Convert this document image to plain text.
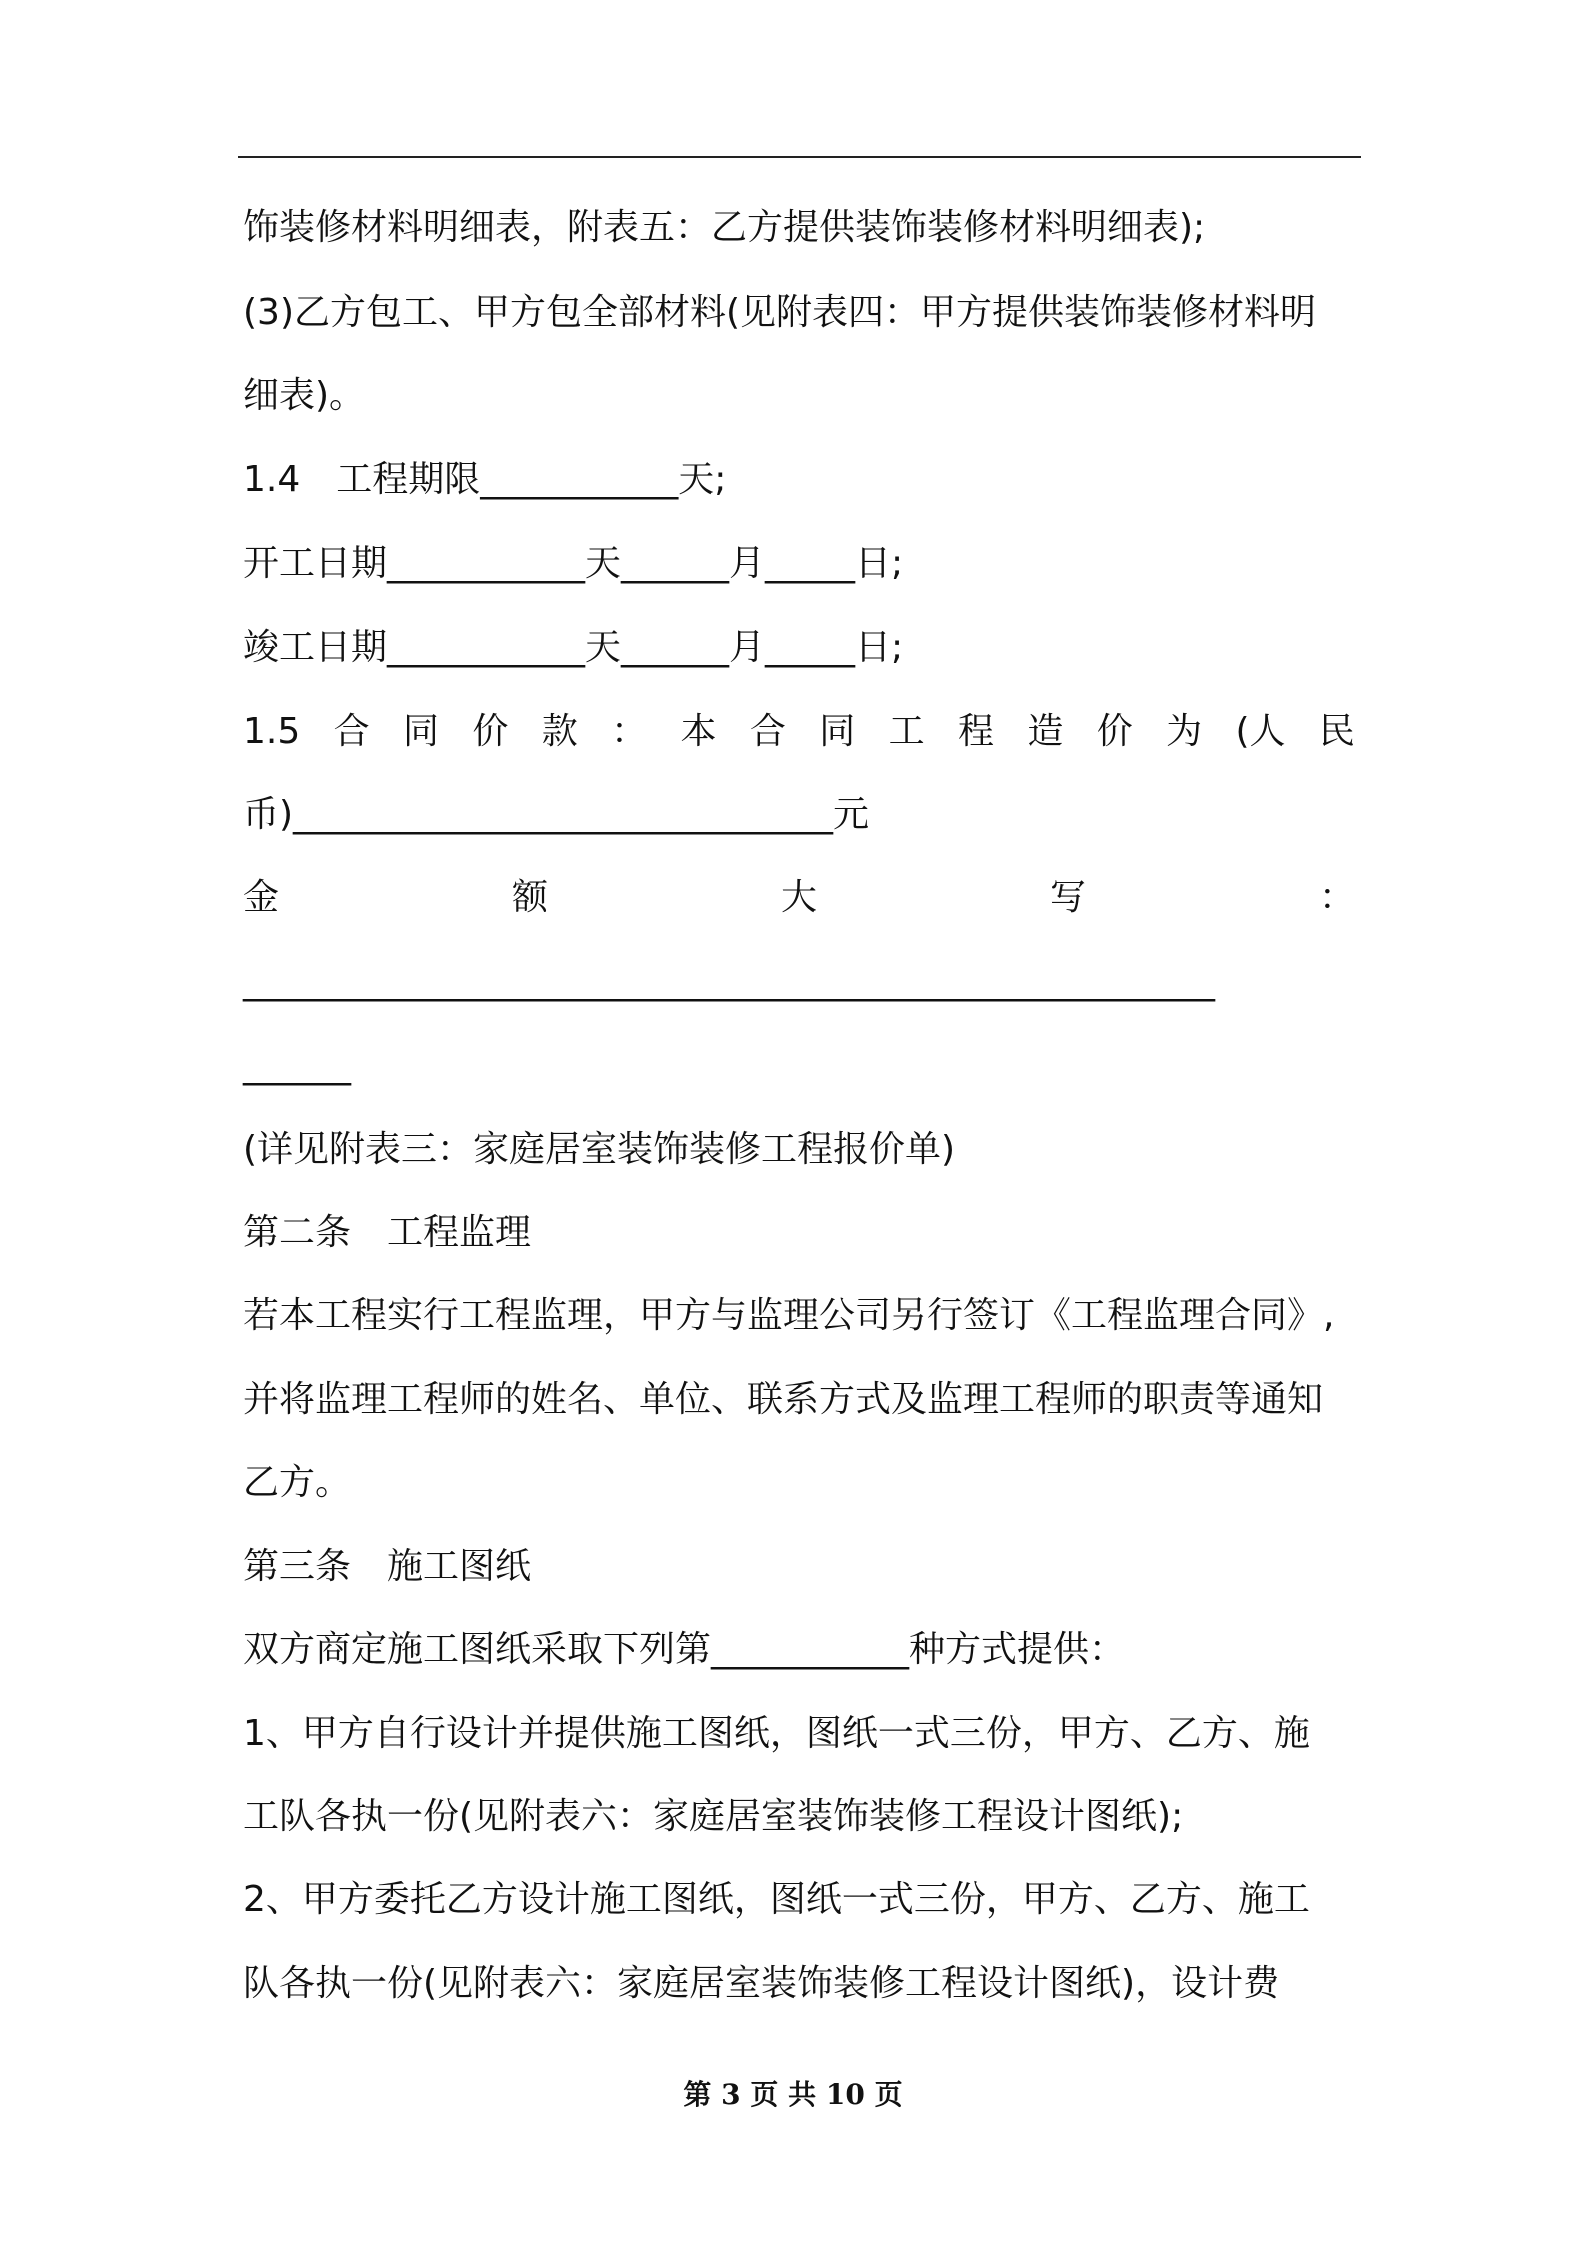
饰装修材料明细表，附表五：乙方提供装饰装修材料明细表);
(3)乙方包工、甲方包全部材料(见附表四：甲方提供装饰装修材料明
细表)。
1.4　工程期限___________天;
开工日期___________天______月_____日;
竣工日期___________天______月_____日;
1.5 合 同 价 款 ： 本 合 同 工 程 造 价 为 (人 民
币)______________________________元
金	额	大	写	：
______________________________________________________
______
(详见附表三：家庭居室装饰装修工程报价单)
第二条　工程监理
若本工程实行工程监理，甲方与监理公司另行签订《工程监理合同》,
并将监理工程师的姓名、单位、联系方式及监理工程师的职责等通知
乙方。
第三条　施工图纸
双方商定施工图纸采取下列第___________种方式提供：
1、甲方自行设计并提供施工图纸，图纸一式三份，甲方、乙方、施
工队各执一份(见附表六：家庭居室装饰装修工程设计图纸);
2、甲方委托乙方设计施工图纸，图纸一式三份，甲方、乙方、施工
队各执一份(见附表六：家庭居室装饰装修工程设计图纸)，设计费
第 3 页 共 10 页
